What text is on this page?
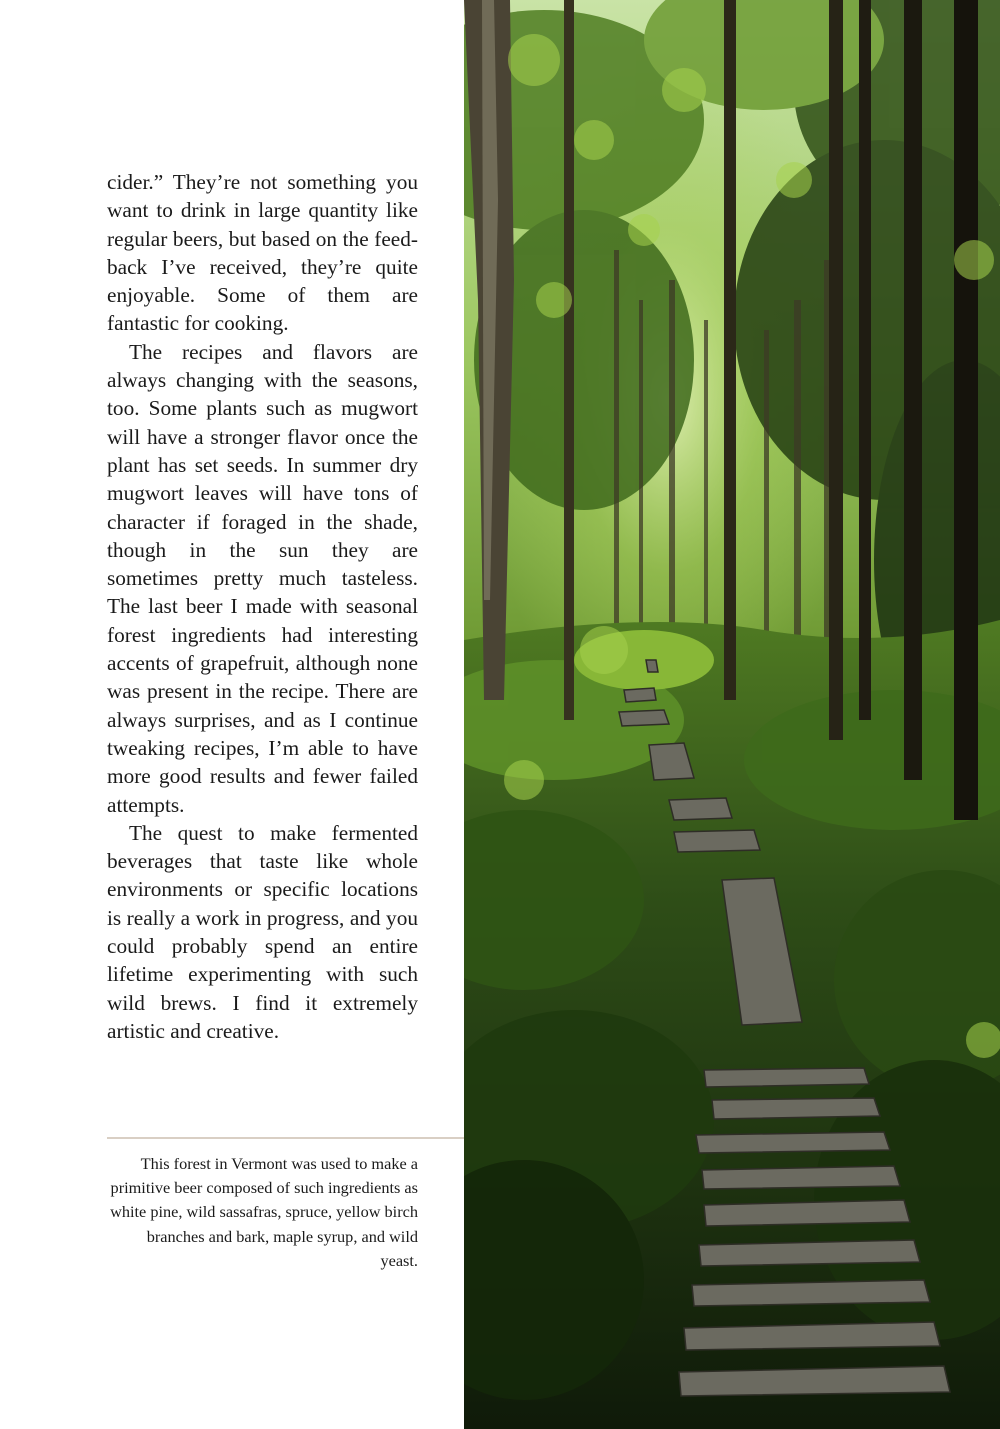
cider.” They’re not something you want to drink in large quantity like regular beers, but based on the feedback I’ve received, they’re quite enjoyable. Some of them are fantastic for cooking.

The recipes and flavors are always changing with the seasons, too. Some plants such as mugwort will have a stronger flavor once the plant has set seeds. In summer dry mugwort leaves will have tons of character if foraged in the shade, though in the sun they are sometimes pretty much tasteless. The last beer I made with seasonal forest ingredients had interesting accents of grapefruit, although none was present in the recipe. There are always surprises, and as I continue tweaking recipes, I’m able to have more good results and fewer failed attempts.

The quest to make fermented beverages that taste like whole environments or specific locations is really a work in progress, and you could probably spend an entire lifetime experimenting with such wild brews. I find it extremely artistic and creative.

This forest in Vermont was used to make a primitive beer composed of such ingredients as white pine, wild sassafras, spruce, yellow birch branches and bark, maple syrup, and wild yeast.
